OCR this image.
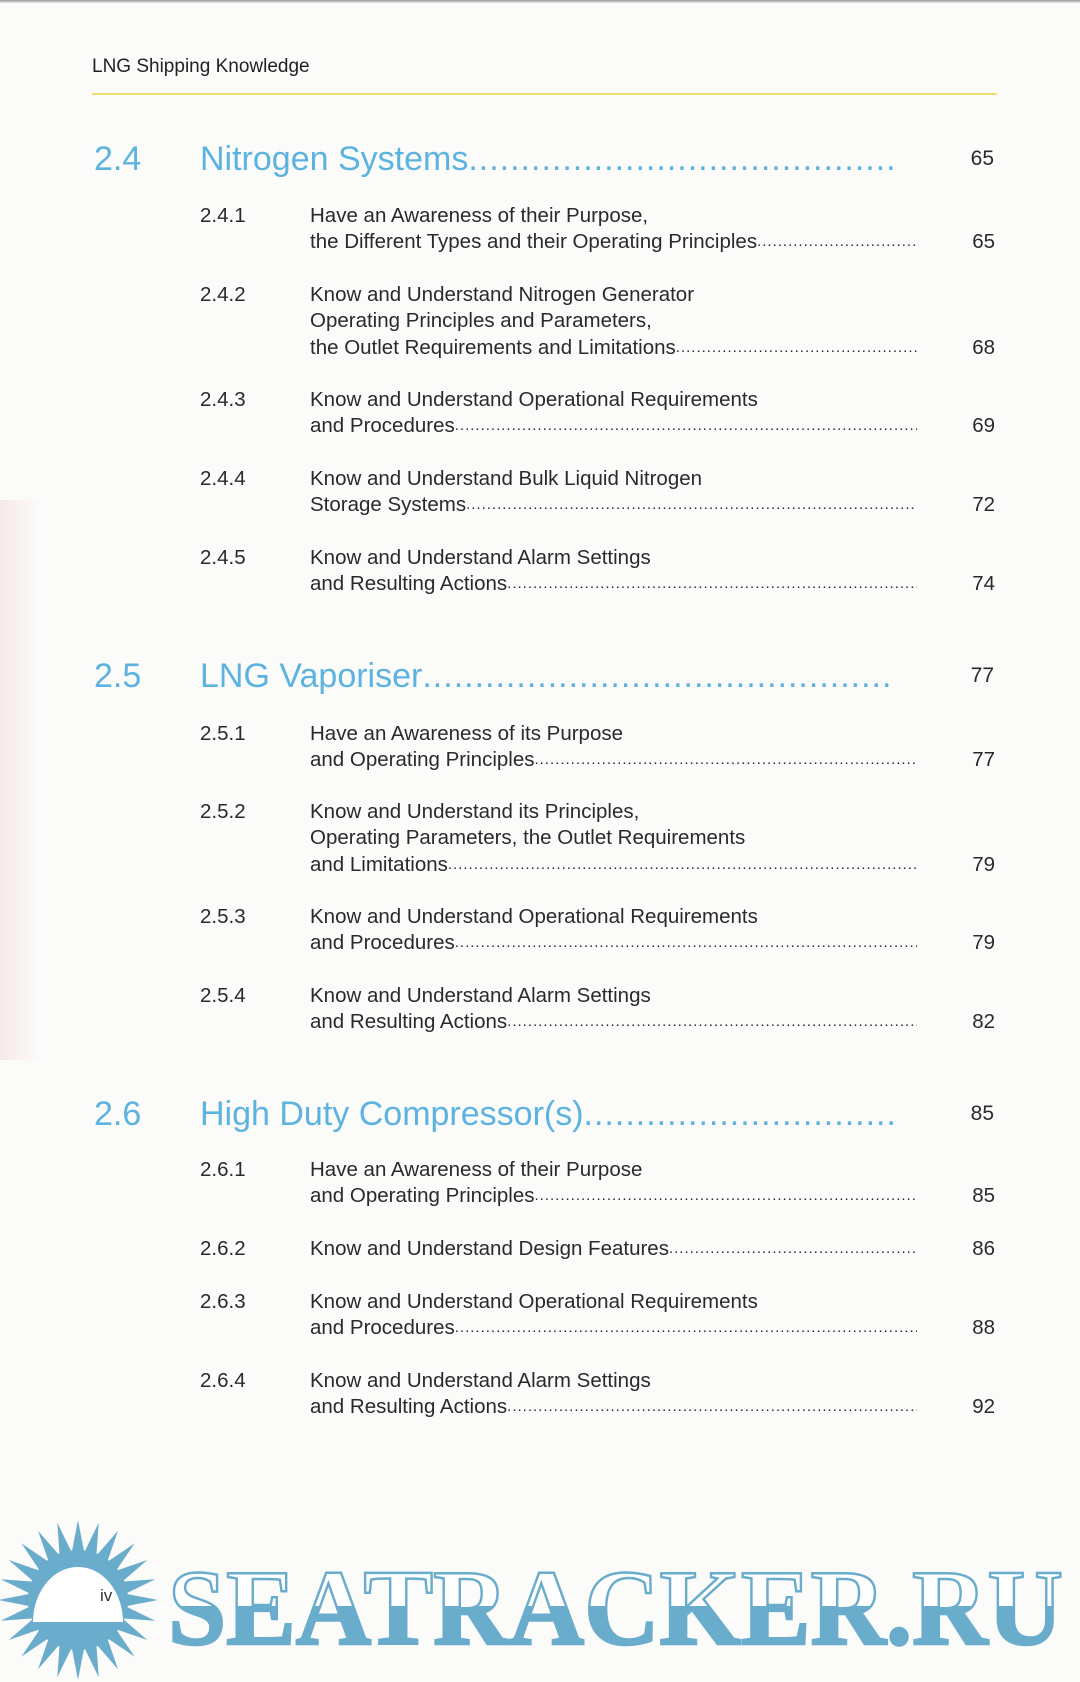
LNG Shipping Knowledge
2.4	Nitrogen Systems .....	65
2.4.1	Have an Awareness of their Purpose,
the Different Types and their Operating Principles .....	65
2.4.2	Know and Understand Nitrogen Generator
Operating Principles and Parameters,
the Outlet Requirements and Limitations .....	68
2.4.3	Know and Understand Operational Requirements
and Procedures .....	69
2.4.4	Know and Understand Bulk Liquid Nitrogen
Storage Systems .....	72
2.4.5	Know and Understand Alarm Settings
and Resulting Actions .....	74
2.5	LNG Vaporiser .....	77
2.5.1	Have an Awareness of its Purpose
and Operating Principles .....	77
2.5.2	Know and Understand its Principles,
Operating Parameters, the Outlet Requirements
and Limitations .....	79
2.5.3	Know and Understand Operational Requirements
and Procedures .....	79
2.5.4	Know and Understand Alarm Settings
and Resulting Actions .....	82
2.6	High Duty Compressor(s) .....	85
2.6.1	Have an Awareness of their Purpose
and Operating Principles .....	85
2.6.2	Know and Understand Design Features .....	86
2.6.3	Know and Understand Operational Requirements
and Procedures .....	88
2.6.4	Know and Understand Alarm Settings
and Resulting Actions .....	92
SEATRACKER.RU
iv
